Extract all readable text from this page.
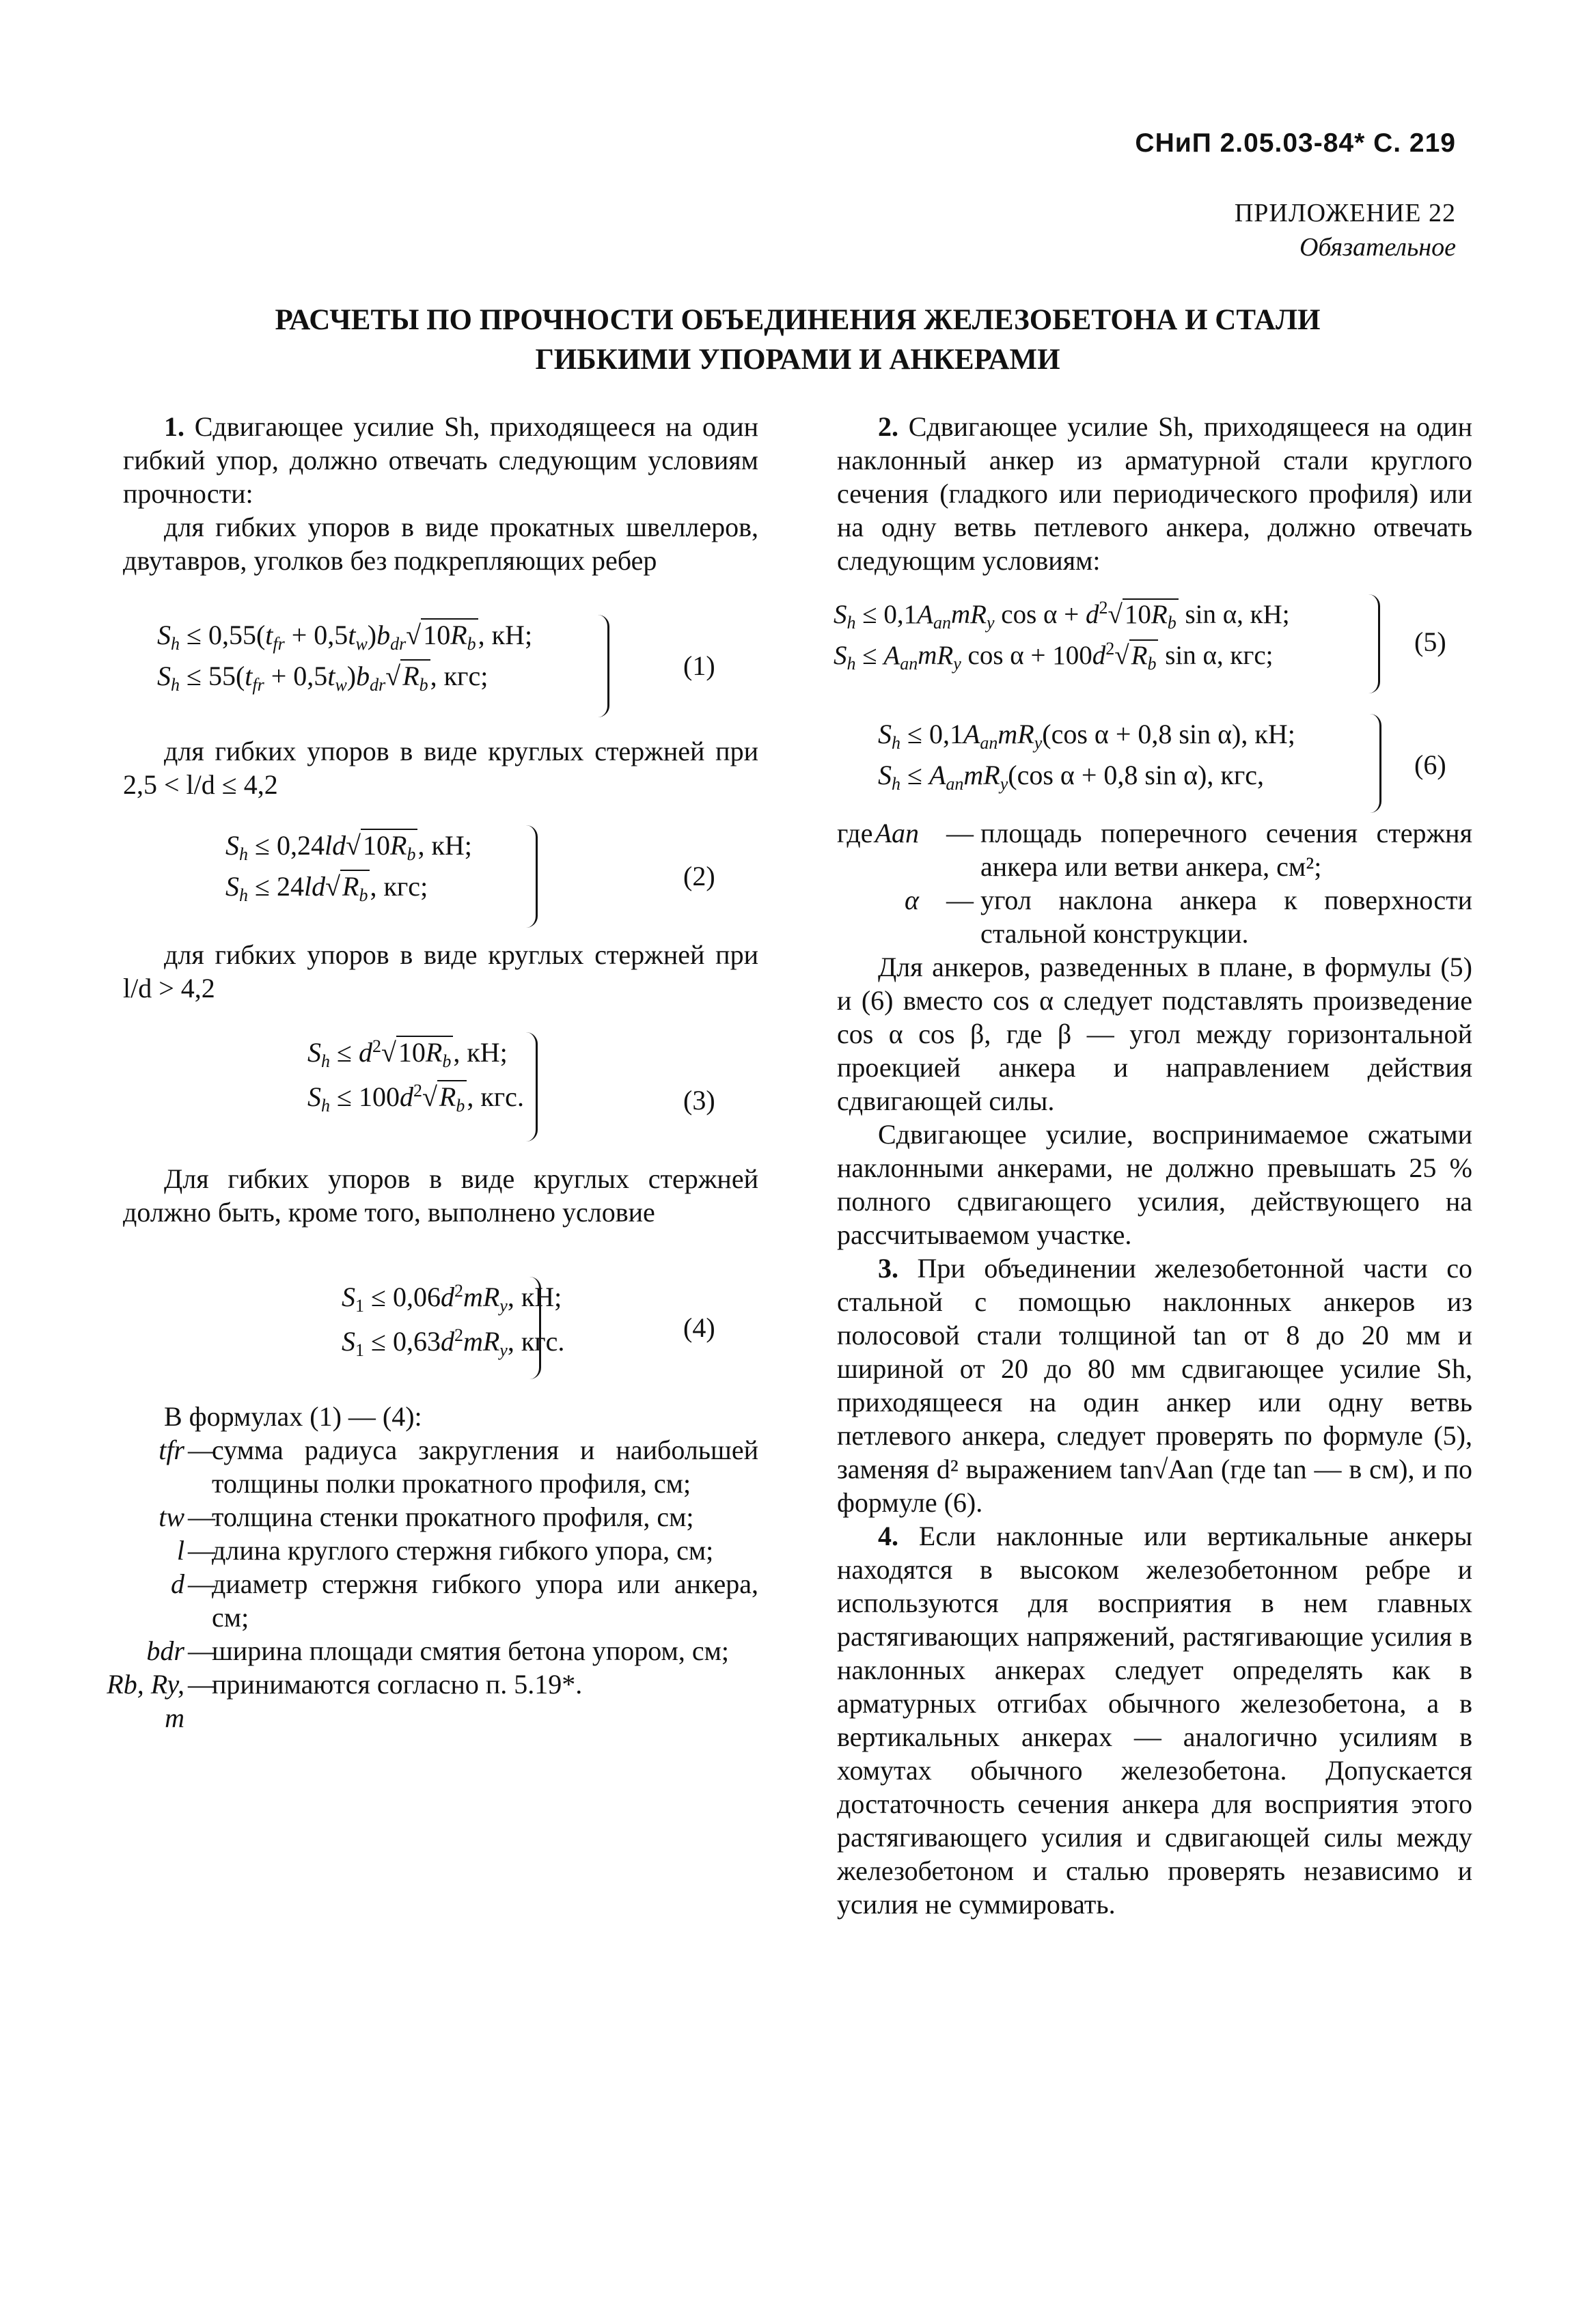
СНиП 2.05.03-84* С. 219
ПРИЛОЖЕНИЕ 22
Обязательное
РАСЧЕТЫ ПО ПРОЧНОСТИ ОБЪЕДИНЕНИЯ ЖЕЛЕЗОБЕТОНА И СТАЛИ
ГИБКИМИ УПОРАМИ И АНКЕРАМИ

1. Сдвигающее усилие Sh, приходящееся на один гибкий упор, должно отвечать следующим условиям прочности:

для гибких упоров в виде прокатных швеллеров, двутавров, уголков без подкрепляющих ребер

$S_h \le 0,55(t_{fr} + 0,5t_w)b_{dr}√10R_b$, кН;
$S_h \le 55(t_{fr} + 0,5t_w)b_{dr}√R_b$, кгс;	(1)

для гибких упоров в виде круглых стержней при 2,5 < l/d ≤ 4,2

$S_h \le 0,24ld√10R_b$, кН;
$S_h \le 24ld√R_b$, кгс;	(2)

для гибких упоров в виде круглых стержней при l/d > 4,2

$S_h \le d^2√10R_b$, кН;
$S_h \le 100d^2√R_b$, кгс.	(3)

Для гибких упоров в виде круглых стержней должно быть, кроме того, выполнено условие

$S_1 \le 0,06d^2mR_y$, кН;
$S_1 \le 0,63d^2mR_y$, кгс.	(4)

В формулах (1) — (4):

tfr —
сумма радиуса закругления и наибольшей толщины полки прокатного профиля, см;
tw —
толщина стенки прокатного профиля, см;
l —
длина круглого стержня гибкого упора, см;
d —
диаметр стержня гибкого упора или анкера, см;
bdr —
ширина площади смятия бетона упором, см;
Rb, Ry, m
—
принимаются согласно п. 5.19*.

2. Сдвигающее усилие Sh, приходящееся на один наклонный анкер из арматурной стали круглого сечения (гладкого или периодического профиля) или на одну ветвь петлевого анкера, должно отвечать следующим условиям:

$S_h \le 0,1A_{an}mR_y$ $\cos \alpha + d^2√10R_b$ sin α, кН;
$S_h \le A_{an}mR_y$ $\cos \alpha + 100d^2√R_b$ sin α, кгс;	(5)
$S_h \le 0,1A_{an}mR_y(\cos$ α + 0,8 sin α), кН;
$S_h \le A_{an}mR_y(\cos$ α + 0,8 sin α), кгс,	(6)
где Aan — площадь поперечного сечения стержня анкера или ветви анкера, см²;
α — угол наклона анкера к поверхности стальной конструкции.

Для анкеров, разведенных в плане, в формулы (5) и (6) вместо cos α следует подставлять произведение cos α cos β, где β — угол между горизонтальной проекцией анкера и направлением действия сдвигающей силы.

Сдвигающее усилие, воспринимаемое сжатыми наклонными анкерами, не должно превышать 25 % полного сдвигающего усилия, действующего на рассчитываемом участке.

3. При объединении железобетонной части со стальной с помощью наклонных анкеров из полосовой стали толщиной tan от 8 до 20 мм и шириной от 20 до 80 мм сдвигающее усилие Sh, приходящееся на один анкер или одну ветвь петлевого анкера, следует проверять по формуле (5), заменяя d² выражением tan√Aan (где tan — в см), и по формуле (6).

4. Если наклонные или вертикальные анкеры находятся в высоком железобетонном ребре и используются для восприятия в нем главных растягивающих напряжений, растягивающие усилия в наклонных анкерах следует определять как в арматурных отгибах обычного железобетона, а в вертикальных анкерах — аналогично усилиям в хомутах обычного железобетона. Допускается достаточность сечения анкера для восприятия этого растягивающего усилия и сдвигающей силы между железобетоном и сталью проверять независимо и усилия не суммировать.
